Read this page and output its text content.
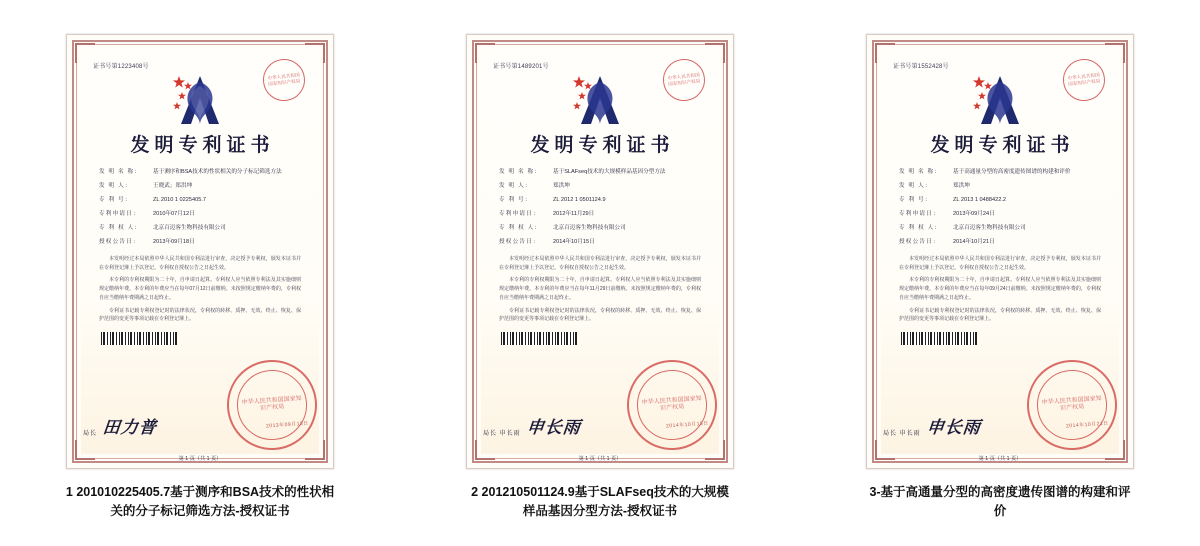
证书号第1223408号
中华人民共和国国家知识产权局
发明专利证书
发 明 名 称：	基于测序和BSA技术的性状相关的分子标记筛选方法
发 明 人：	王晓武；郑洪坤
专 利 号：	ZL 2010 1 0225405.7
专利申请日：	2010年07月12日
专 利 权 人：	北京百迈客生物科技有限公司
授权公告日：	2013年09月18日

本发明经过本局依照中华人民共和国专利法进行审查，决定授予专利权，颁发本证书并在专利登记簿上予以登记。专利权自授权公告之日起生效。

本专利的专利权期限为二十年，自申请日起算。专利权人应当依照专利法及其实施细则规定缴纳年费。本专利的年费应当在每年07月12日前缴纳。未按照规定缴纳年费的，专利权自应当缴纳年费期满之日起终止。

专利证书记载专利权登记时的法律状况。专利权的转移、质押、无效、终止、恢复、保护范围的变更等事项记载在专利登记簿上。

局长 田力普
中华人民共和国国家知识产权局
2013年09月18日
第 1 页（共 1 页）
1 201010225405.7基于测序和BSA技术的性状相关的分子标记筛选方法-授权证书
证书号第1489201号
中华人民共和国国家知识产权局
发明专利证书
发 明 名 称：	基于SLAFseq技术的大规模样品基因分型方法
发 明 人：	郑洪坤
专 利 号：	ZL 2012 1 0501124.9
专利申请日：	2012年11月29日
专 利 权 人：	北京百迈客生物科技有限公司
授权公告日：	2014年10月15日

本发明经过本局依照中华人民共和国专利法进行审查，决定授予专利权，颁发本证书并在专利登记簿上予以登记。专利权自授权公告之日起生效。

本专利的专利权期限为二十年，自申请日起算。专利权人应当依照专利法及其实施细则规定缴纳年费。本专利的年费应当在每年11月29日前缴纳。未按照规定缴纳年费的，专利权自应当缴纳年费期满之日起终止。

专利证书记载专利权登记时的法律状况。专利权的转移、质押、无效、终止、恢复、保护范围的变更等事项记载在专利登记簿上。

局长 申长雨 申长雨
中华人民共和国国家知识产权局
2014年10月15日
第 1 页（共 1 页）
2 201210501124.9基于SLAFseq技术的大规模样品基因分型方法-授权证书
证书号第1552428号
中华人民共和国国家知识产权局
发明专利证书
发 明 名 称：	基于高通量分型的高密度遗传图谱的构建和评价
发 明 人：	郑洪坤
专 利 号：	ZL 2013 1 0488422.2
专利申请日：	2013年09月24日
专 利 权 人：	北京百迈客生物科技有限公司
授权公告日：	2014年10月21日

本发明经过本局依照中华人民共和国专利法进行审查，决定授予专利权，颁发本证书并在专利登记簿上予以登记。专利权自授权公告之日起生效。

本专利的专利权期限为二十年，自申请日起算。专利权人应当依照专利法及其实施细则规定缴纳年费。本专利的年费应当在每年09月24日前缴纳。未按照规定缴纳年费的，专利权自应当缴纳年费期满之日起终止。

专利证书记载专利权登记时的法律状况。专利权的转移、质押、无效、终止、恢复、保护范围的变更等事项记载在专利登记簿上。

局长 申长雨 申长雨
中华人民共和国国家知识产权局
2014年10月21日
第 1 页（共 1 页）
3-基于高通量分型的高密度遗传图谱的构建和评价
